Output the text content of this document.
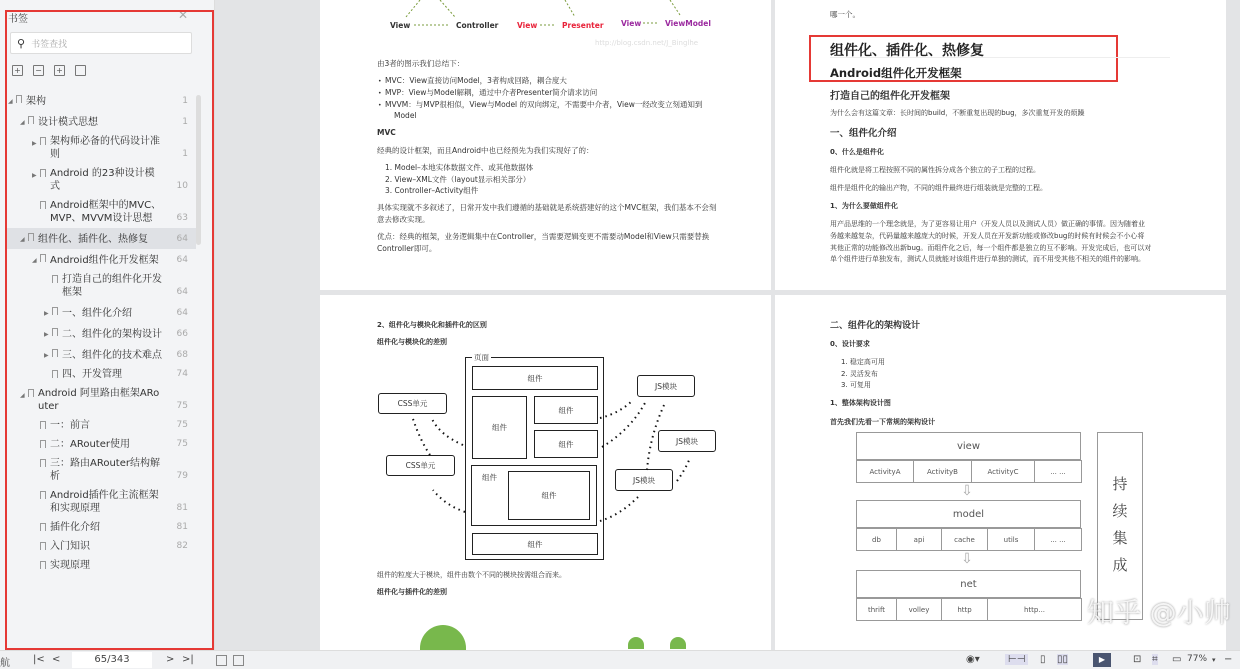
书签	✕
⚲ 书签查找
+ − +
◢	架构	1
◢	设计模式思想	1
▶	架构师必备的代码设计准则	1
▶	Android 的23种设计模式	10
Android框架中的MVC、MVP、MVVM设计思想	63
◢	组件化、插件化、热修复	64
◢	Android组件化开发框架	64
打造自己的组件化开发框架	64
▶	一、组件化介绍	64
▶	二、组件化的架构设计 66
▶	三、组件化的技术难点 68
四、开发管理	74
◢	Android 阿里路由框架ARouter	75
一：前言	75
二：ARouter使用	75
三：路由ARouter结构解析	79
Android插件化主流框架和实现原理	81
插件化介绍	81
入门知识	82
实现原理
View	Controller View	Presenter View	ViewModel
http://blog.csdn.net/J_Binglhe
由3者的图示我们总结下：
MVC：View直接访问Model，3者构成回路，耦合度大
MVP：View与Model解耦，通过中介者Presenter简介请求访问
MVVM：与MVP很相似，View与Model 的双向绑定，不需要中介者，View一经改变立刻通知到
Model
•
•
•
MVC
经典的设计框架，而且Android中也已经预先为我们实现好了的：
1. Model–本地实体数据文件、或其他数据体
2. View–XML文件（layout显示相关部分）
3. Controller–Activity组件
具体实现就不多叙述了，日常开发中我们遵循的基础就是系统搭建好的这个MVC框架，我们基本不会刻
意去修改实现。
优点：经典的框架，业务逻辑集中在Controller，当需要逻辑变更不需要动Model和View只需要替换
Controller即可。
哪一个。
组件化、插件化、热修复
Android组件化开发框架
打造自己的组件化开发框架
为什么会有这篇文章：长时间的build，不断重复出现的bug，多次重复开发的烦躁
一、组件化介绍
0、什么是组件化
组件化就是将工程按照不同的属性拆分成各个独立的子工程的过程。
组件是组件化的输出产物，不同的组件最终进行组装就是完整的工程。
1、为什么要做组件化
用产品思维的一个理念就是，为了更容易让用户（开发人员以及测试人员）做正确的事情。因为随着业
务越来越复杂，代码量越来越庞大的时候，开发人员在开发新功能或修改bug的时候有时候会不小心将
其他正常的功能修改出新bug。而组件化之后，每一个组件都是独立的互不影响。开发完成后，也可以对
单个组件进行单独发布，测试人员就能对该组件进行单独的测试，而不用受其他不相关的组件的影响。
2、组件化与模块化和插件化的区别
组件化与模块化的差别
页面
组件
组件
组件
组件
组件
组件
组件
CSS单元
CSS单元
JS模块
JS模块
JS模块
组件的粒度大于模块，组件由数个不同的模块按需组合而来。
组件化与插件化的差别
二、组件化的架构设计
0、设计要求
1. 稳定高可用
2. 灵活发布
3. 可复用
1、整体架构设计图
首先我们先看一下常规的架构设计
view
ActivityA	ActivityB	ActivityC	... ...
⇩
model
db	api	cache	utils	... ...
⇩
net
thrift	volley	http	http...
持
续
集
成
知乎 @小帅
航 |< <	65/343	> >|	◉▾	⊢⊣	▯ ▯▯	▶	⊡ ⌗ ▭ 77% ▾ −
